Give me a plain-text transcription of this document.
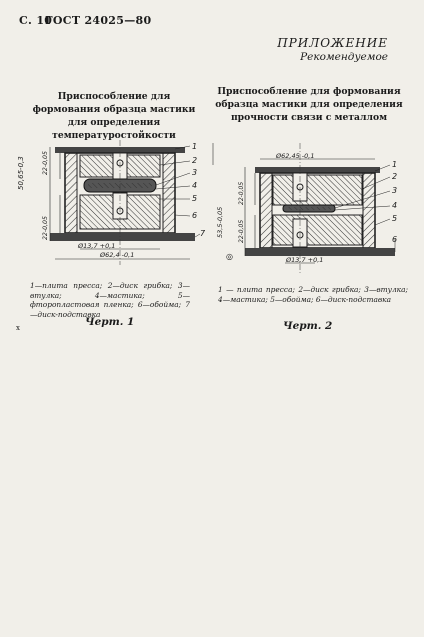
С. 10
ГОСТ 24025—80
ПРИЛОЖЕНИЕ
Рекомендуемое
Приспособление для формования образца мастики для определения температуростойкости
Приспособление для формования образца мастики для определения прочности связи с металлом
50,65-0,3	22-0,05
22-0,05
Ø13,7 +0,1
Ø62,4 -0,1
1
2
3
4
5
6
7
Ø62,45 -0,1
53,5-0,05
22-0,05
22-0,05
Ø13,7 +0,1
1
2
3
4
5
6
◎
1—плита пресса; 2—диск грибка; 3—втулка; 4—мастика; 5—фторопластовая пленка; 6—обойма; 7—диск-подставка
1 — плита пресса; 2—диск грибка; 3—втулка; 4—мастика; 5—обойма; 6—диск-подставка
Черт. 1	Черт. 2
x
